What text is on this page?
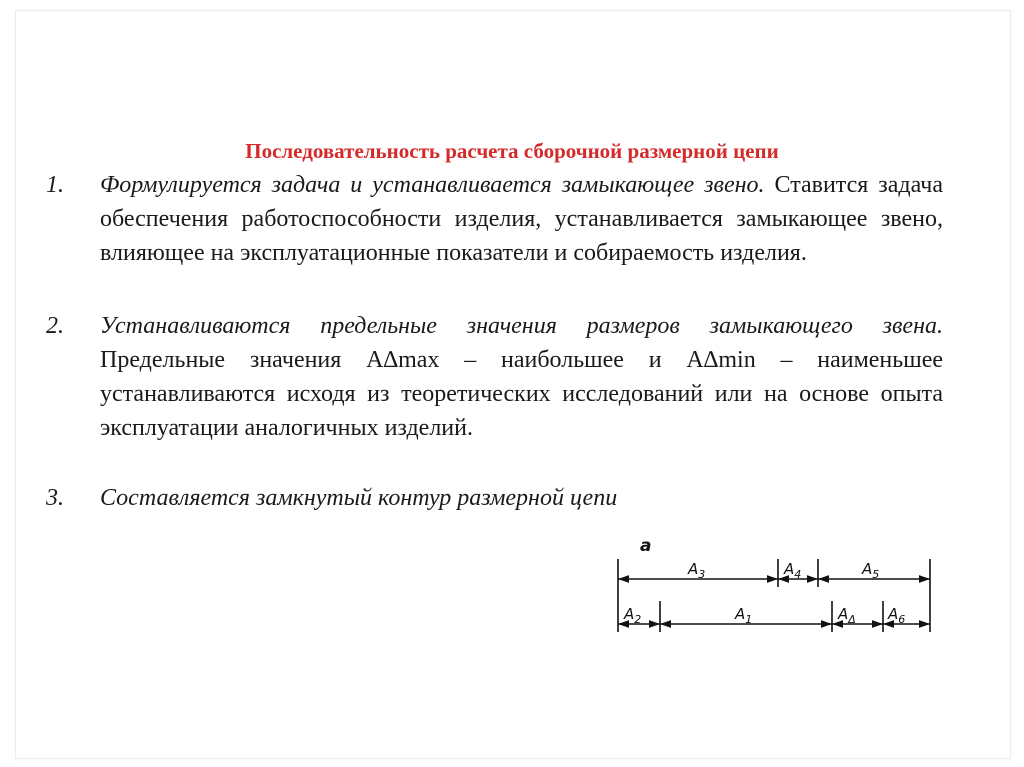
Последовательность расчета сборочной размерной цепи
1. Формулируется задача и устанавливается замыкающее звено. Ставится задача обеспечения работоспособности изделия, устанавливается замыкающее звено, влияющее на эксплуатационные показатели и собираемость изделия.
2. Устанавливаются предельные значения размеров замыкающего звена. Предельные значения A∆max – наибольшее и A∆min – наименьшее устанавливаются исходя из теоретических исследований или на основе опыта эксплуатации аналогичных изделий.
3. Составляется замкнутый контур размерной цепи
a
$A_3$	$A_4$	$A_5$
$A_2$	$A_1$	$A_\Delta$ $A_6$
